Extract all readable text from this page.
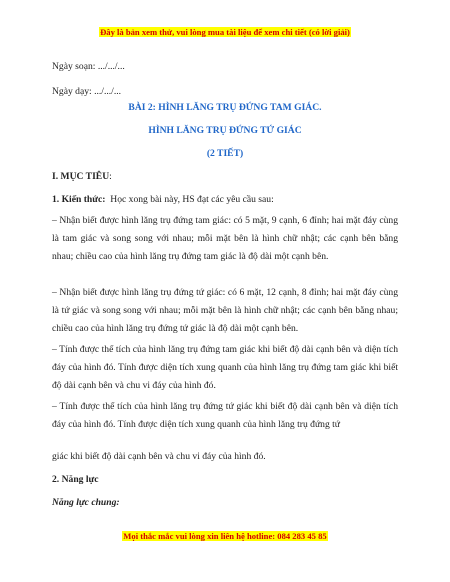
Đây là bản xem thử, vui lòng mua tài liệu để xem chi tiết (có lời giải)
Ngày soạn: .../.../...
Ngày dạy: .../.../...
BÀI 2: HÌNH LĂNG TRỤ ĐỨNG TAM GIÁC.
HÌNH LĂNG TRỤ ĐỨNG TỨ GIÁC
(2 TIẾT)
I. MỤC TIÊU:
1. Kiến thức: Học xong bài này, HS đạt các yêu cầu sau:
– Nhận biết được hình lăng trụ đứng tam giác: có 5 mặt, 9 cạnh, 6 đỉnh; hai mặt đáy cùng là tam giác và song song với nhau; mỗi mặt bên là hình chữ nhật; các cạnh bên bằng nhau; chiều cao của hình lăng trụ đứng tam giác là độ dài một cạnh bên.
– Nhận biết được hình lăng trụ đứng tứ giác: có 6 mặt, 12 cạnh, 8 đỉnh; hai mặt đáy cùng là tứ giác và song song với nhau; mỗi mặt bên là hình chữ nhật; các cạnh bên bằng nhau; chiều cao của hình lăng trụ đứng tứ giác là độ dài một cạnh bên.
– Tính được thể tích của hình lăng trụ đứng tam giác khi biết độ dài cạnh bên và diện tích đáy của hình đó. Tính được diện tích xung quanh của hình lăng trụ đứng tam giác khi biết độ dài cạnh bên và chu vi đáy của hình đó.
– Tính được thể tích của hình lăng trụ đứng tứ giác khi biết độ dài cạnh bên và diện tích đáy của hình đó. Tính được diện tích xung quanh của hình lăng trụ đứng tứ
giác khi biết độ dài cạnh bên và chu vi đáy của hình đó.
2. Năng lực
Năng lực chung:
Mọi thắc mắc vui lòng xin liên hệ hotline: 084 283 45 85
